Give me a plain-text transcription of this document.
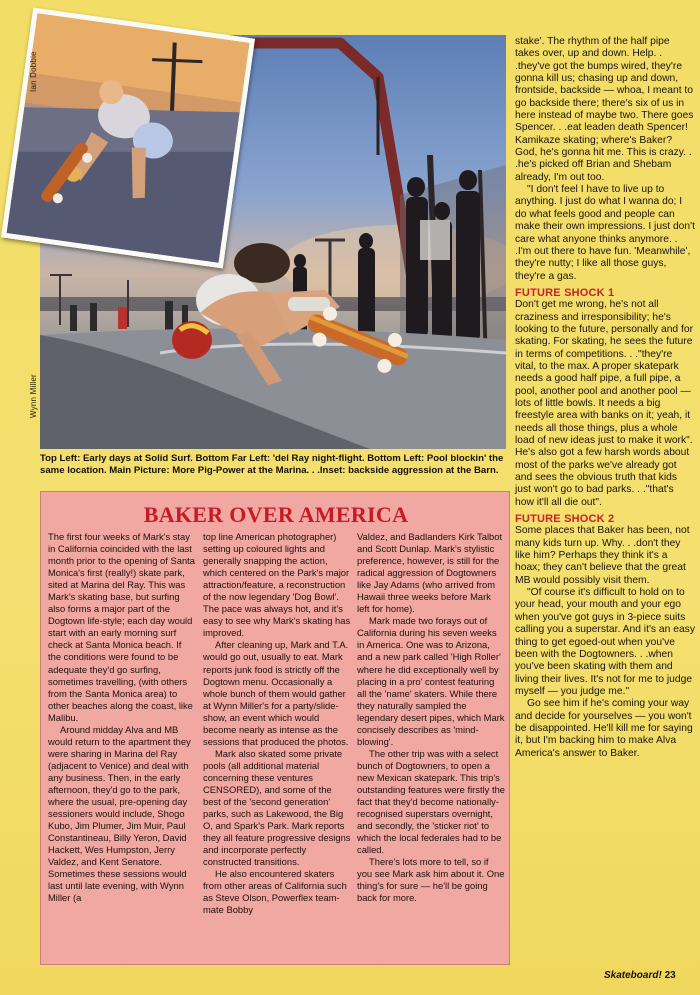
Ian Dobbie
Wynn Miller
Top Left: Early days at Solid Surf. Bottom Far Left: 'del Ray night-flight. Bottom Left: Pool blockin' the same location. Main Picture: More Pig-Power at the Marina. . .Inset: backside aggression at the Barn.
BAKER OVER AMERICA

The first four weeks of Mark's stay in California coincided with the last month prior to the opening of Santa Monica's first (really!) skate park, sited at Marina del Ray. This was Mark's skating base, but surfing also forms a major part of the Dogtown life-style; each day would start with an early morning surf check at Santa Monica beach. If the conditions were found to be adequate they'd go surfing, sometimes travelling, (with others from the Santa Monica area) to other beaches along the coast, like Malibu.

Around midday Alva and MB would return to the apartment they were sharing in Marina del Ray (adjacent to Venice) and deal with any business. Then, in the early afternoon, they'd go to the park, where the usual, pre-opening day sessioners would include, Shogo Kubo, Jim Plumer, Jim Muir, Paul Constantineau, Billy Yeron, David Hackett, Wes Humpston, Jerry Valdez, and Kent Senatore. Sometimes these sessions would last until late evening, with Wynn Miller (a

top line American photographer) setting up coloured lights and generally snapping the action, which centered on the Park's major attraction/feature, a reconstruction of the now legendary 'Dog Bowl'. The pace was always hot, and it's easy to see why Mark's skating has improved.

After cleaning up, Mark and T.A. would go out, usually to eat. Mark reports junk food is strictly off the Dogtown menu. Occasionally a whole bunch of them would gather at Wynn Miller's for a party/slide-show, an event which would become nearly as intense as the sessions that produced the photos.

Mark also skated some private pools (all additional material concerning these ventures CENSORED), and some of the best of the 'second generation' parks, such as Lakewood, the Big O, and Spark's Park. Mark reports they all feature progressive designs and incorporate perfectly constructed transitions.

He also encountered skaters from other areas of California such as Steve Olson, Powerflex team-mate Bobby

Valdez, and Badlanders Kirk Talbot and Scott Dunlap. Mark's stylistic preference, however, is still for the radical aggression of Dogtowners like Jay Adams (who arrived from Hawaii three weeks before Mark left for home).

Mark made two forays out of California during his seven weeks in America. One was to Arizona, and a new park called 'High Roller' where he did exceptionally well by placing in a pro' contest featuring all the 'name' skaters. While there they naturally sampled the legendary desert pipes, which Mark concisely describes as 'mind-blowing'.

The other trip was with a select bunch of Dogtowners, to open a new Mexican skatepark. This trip's outstanding features were firstly the fact that they'd become nationally-recognised superstars overnight, and secondly, the 'sticker riot' to which the local federales had to be called.

There's lots more to tell, so if you see Mark ask him about it. One thing's for sure — he'll be going back for more.

stake'. The rhythm of the half pipe takes over, up and down. Help. . .they've got the bumps wired, they're gonna kill us; chasing up and down, frontside, backside — whoa, I meant to go backside there; there's six of us in here instead of maybe two. There goes Spencer. . .eat leaden death Spencer! Kamikaze skating; where's Baker? God, he's gonna hit me. This is crazy. . .he's picked off Brian and Shebam already, I'm out too.

"I don't feel I have to live up to anything. I just do what I wanna do; I do what feels good and people can make their own impressions. I just don't care what anyone thinks anymore. . .I'm out there to have fun. 'Meanwhile', they're nutty; I like all those guys, they're a gas.

FUTURE SHOCK 1

Don't get me wrong, he's not all craziness and irresponsibility; he's looking to the future, personally and for skating. For skating, he sees the future in terms of competitions. . ."they're vital, to the max. A proper skatepark needs a good half pipe, a full pipe, a pool, another pool and another pool — lots of little bowls. It needs a big freestyle area with banks on it; yeah, it needs all those things, plus a whole load of new ideas just to make it work". He's also got a few harsh words about most of the parks we've already got and sees the obvious truth that kids just won't go to bad parks. . ."that's how it'll all die out".

FUTURE SHOCK 2

Some places that Baker has been, not many kids turn up. Why. . .don't they like him? Perhaps they think it's a hoax; they can't believe that the great MB would possibly visit them.

"Of course it's difficult to hold on to your head, your mouth and your ego when you've got guys in 3-piece suits calling you a superstar. And it's an easy thing to get egoed-out when you've been with the Dogtowners. . .when you've been skating with them and living their lives. It's not for me to judge myself — you judge me."

Go see him if he's coming your way and decide for yourselves — you won't be disappointed. He'll kill me for saying it, but I'm backing him to make Alva America's answer to Baker.

Skateboard! 23
